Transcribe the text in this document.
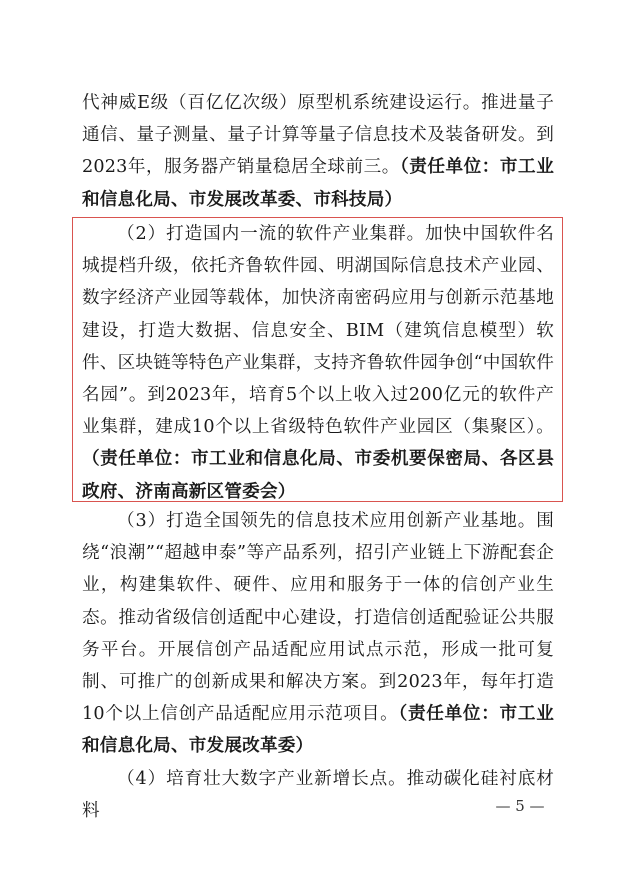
代神威E级（百亿亿次级）原型机系统建设运行。推进量子通信、量子测量、量子计算等量子信息技术及装备研发。到2023年，服务器产销量稳居全球前三。（责任单位：市工业和信息化局、市发展改革委、市科技局）

（2）打造国内一流的软件产业集群。加快中国软件名城提档升级，依托齐鲁软件园、明湖国际信息技术产业园、数字经济产业园等载体，加快济南密码应用与创新示范基地建设，打造大数据、信息安全、BIM（建筑信息模型）软件、区块链等特色产业集群，支持齐鲁软件园争创“中国软件名园”。到2023年，培育5个以上收入过200亿元的软件产业集群，建成10个以上省级特色软件产业园区（集聚区）。（责任单位：市工业和信息化局、市委机要保密局、各区县政府、济南高新区管委会）

（3）打造全国领先的信息技术应用创新产业基地。围绕“浪潮”“超越申泰”等产品系列，招引产业链上下游配套企业，构建集软件、硬件、应用和服务于一体的信创产业生态。推动省级信创适配中心建设，打造信创适配验证公共服务平台。开展信创产品适配应用试点示范，形成一批可复制、可推广的创新成果和解决方案。到2023年，每年打造10个以上信创产品适配应用示范项目。（责任单位：市工业和信息化局、市发展改革委）

（4）培育壮大数字产业新增长点。推动碳化硅衬底材料	— 5 —
